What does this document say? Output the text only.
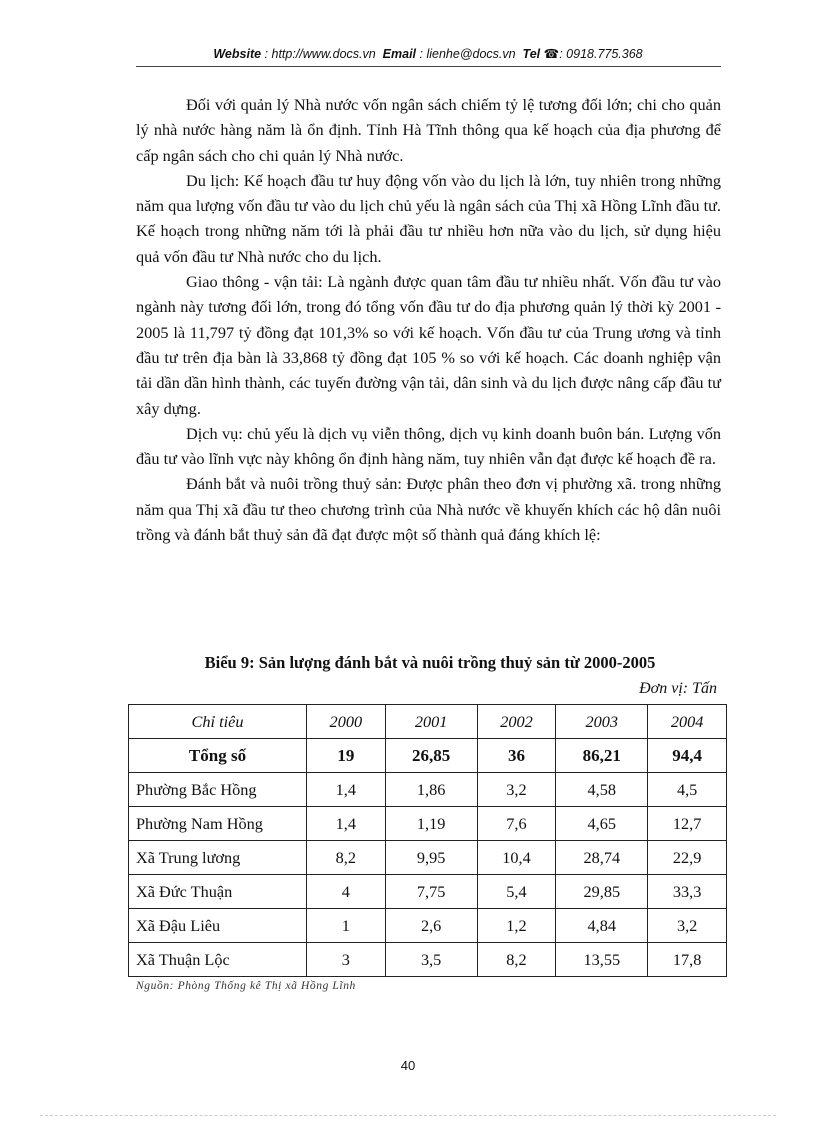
Website : http://www.docs.vn Email : lienhe@docs.vn Tel ☎: 0918.775.368

Đối với quản lý Nhà nước vốn ngân sách chiếm tỷ lệ tương đối lớn; chi cho quản lý nhà nước hàng năm là ổn định. Tỉnh Hà Tĩnh thông qua kế hoạch của địa phương để cấp ngân sách cho chi quản lý Nhà nước.

Du lịch: Kế hoạch đầu tư huy động vốn vào du lịch là lớn, tuy nhiên trong những năm qua lượng vốn đầu tư vào du lịch chủ yếu là ngân sách của Thị xã Hồng Lĩnh đầu tư. Kế hoạch trong những năm tới là phải đầu tư nhiều hơn nữa vào du lịch, sử dụng hiệu quả vốn đầu tư Nhà nước cho du lịch.

Giao thông - vận tải: Là ngành được quan tâm đầu tư nhiều nhất. Vốn đầu tư vào ngành này tương đối lớn, trong đó tổng vốn đầu tư do địa phương quản lý thời kỳ 2001 - 2005 là 11,797 tỷ đồng đạt 101,3% so với kế hoạch. Vốn đầu tư của Trung ương và tỉnh đầu tư trên địa bàn là 33,868 tỷ đồng đạt 105 % so với kế hoạch. Các doanh nghiệp vận tải dần dần hình thành, các tuyến đường vận tải, dân sinh và du lịch được nâng cấp đầu tư xây dựng.

Dịch vụ: chủ yếu là dịch vụ viễn thông, dịch vụ kinh doanh buôn bán. Lượng vốn đầu tư vào lĩnh vực này không ổn định hàng năm, tuy nhiên vẫn đạt được kế hoạch đề ra.

Đánh bắt và nuôi trồng thuỷ sản: Được phân theo đơn vị phường xã. trong những năm qua Thị xã đầu tư theo chương trình của Nhà nước về khuyến khích các hộ dân nuôi trồng và đánh bắt thuỷ sản đã đạt được một số thành quả đáng khích lệ:

Biểu 9: Sản lượng đánh bắt và nuôi trồng thuỷ sản từ 2000-2005
Đơn vị: Tấn
Chỉ tiêu	2000	2001	2002	2003	2004
Tổng số	19	26,85	36	86,21	94,4
Phường Bắc Hồng	1,4	1,86	3,2	4,58	4,5
Phường Nam Hồng	1,4	1,19	7,6	4,65	12,7
Xã Trung lương	8,2	9,95	10,4	28,74	22,9
Xã Đức Thuận	4	7,75	5,4	29,85	33,3
Xã Đậu Liêu	1	2,6	1,2	4,84	3,2
Xã Thuận Lộc	3	3,5	8,2	13,55	17,8
Nguồn: Phòng Thống kê Thị xã Hồng Lĩnh
40
